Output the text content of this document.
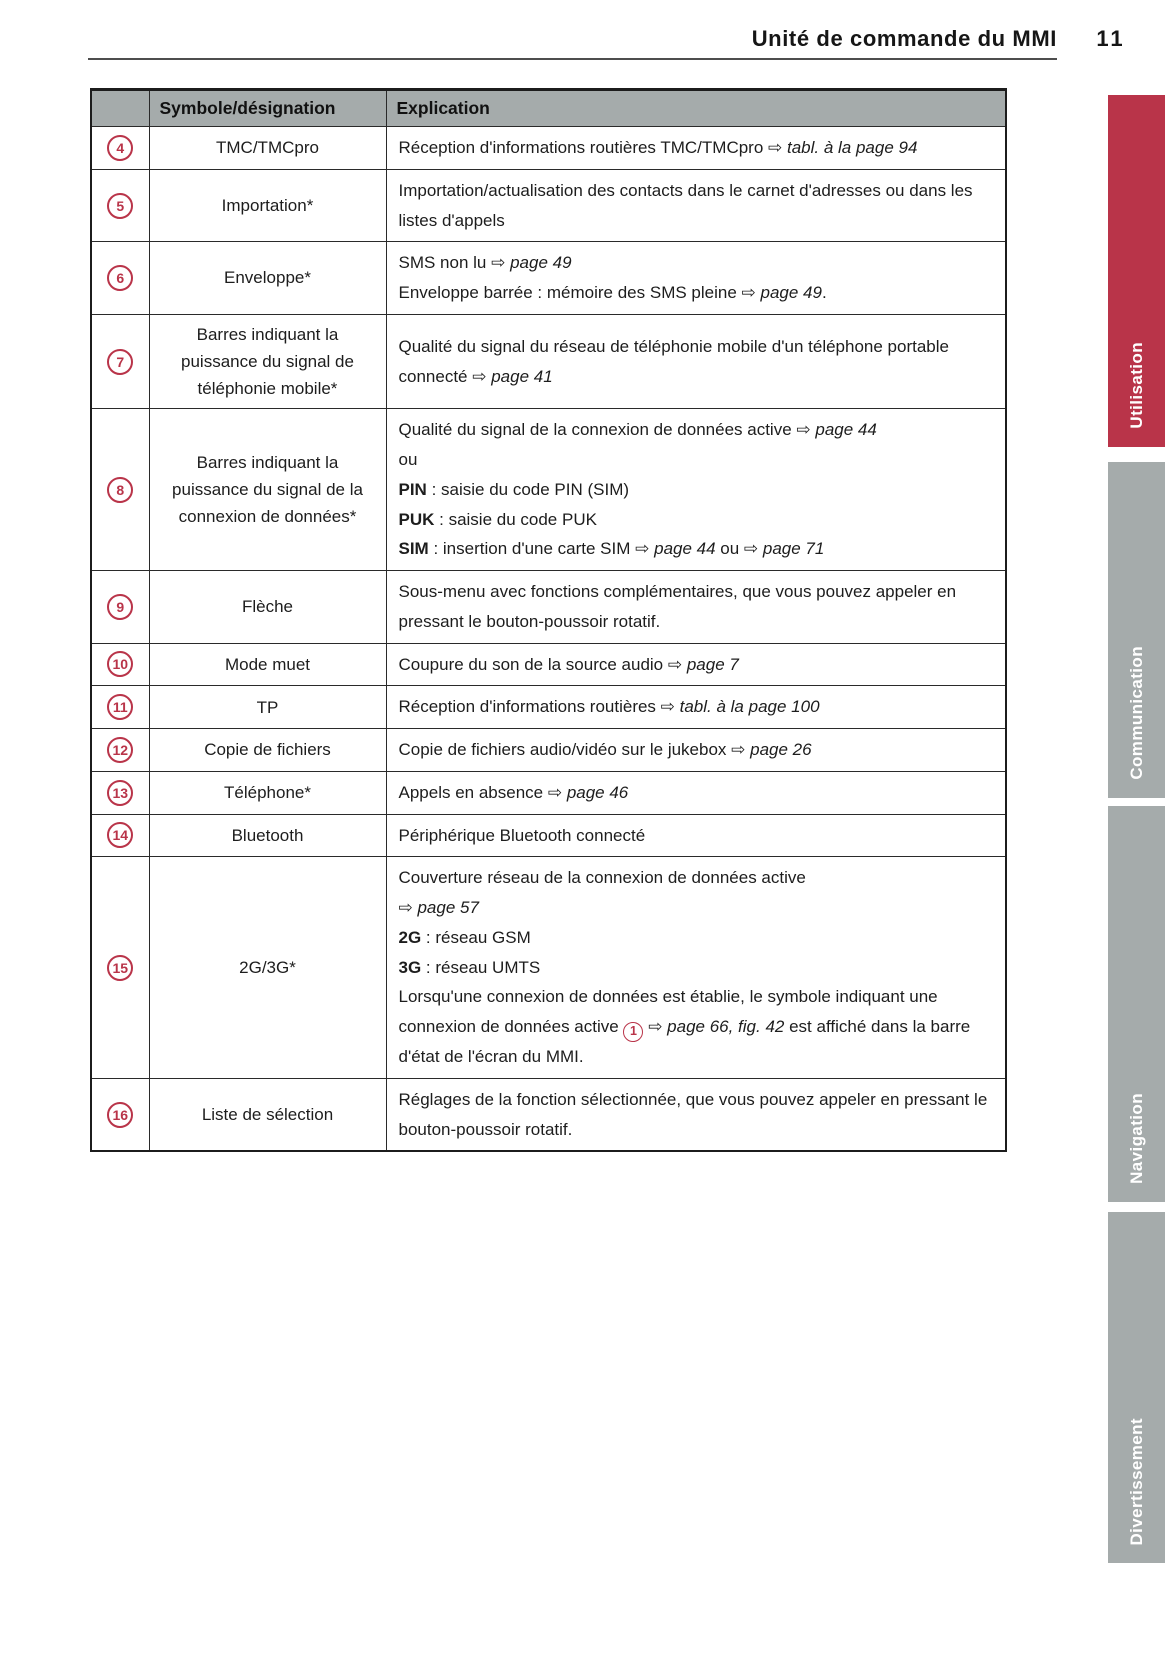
Unité de commande du MMI	11
	Symbole/désignation	Explication
4	TMC/TMCpro	Réception d'informations routières TMC/TMCpro ⇨ tabl. à la page 94

5	Importation*	Importation/actualisation des contacts dans le carnet d'adresses ou dans les listes d'appels

6	Enveloppe*	SMS non lu ⇨ page 49
Enveloppe barrée : mémoire des SMS pleine ⇨ page 49.

7	Barres indiquant la puissance du signal de téléphonie mobile*	Qualité du signal du réseau de téléphonie mobile d'un téléphone portable connecté ⇨ page 41

8	Barres indiquant la puissance du signal de la connexion de données*	Qualité du signal de la connexion de données active ⇨ page 44
ou
PIN : saisie du code PIN (SIM)
PUK : saisie du code PUK
SIM : insertion d'une carte SIM ⇨ page 44 ou ⇨ page 71

9	Flèche	Sous-menu avec fonctions complémentaires, que vous pouvez appeler en pressant le bouton-poussoir rotatif.

10	Mode muet	Coupure du son de la source audio ⇨ page 7

11	TP	Réception d'informations routières ⇨ tabl. à la page 100

12	Copie de fichiers	Copie de fichiers audio/vidéo sur le jukebox ⇨ page 26

13	Téléphone*	Appels en absence ⇨ page 46

14	Bluetooth	Périphérique Bluetooth connecté

15	2G/3G*	Couverture réseau de la connexion de données active
⇨ page 57
2G : réseau GSM
3G : réseau UMTS
Lorsqu'une connexion de données est établie, le symbole indiquant une connexion de données active 1 ⇨ page 66, fig. 42 est affiché dans la barre d'état de l'écran du MMI.

16	Liste de sélection	Réglages de la fonction sélectionnée, que vous pouvez appeler en pressant le bouton-poussoir rotatif.
Utilisation
Communication
Navigation
Divertissement
